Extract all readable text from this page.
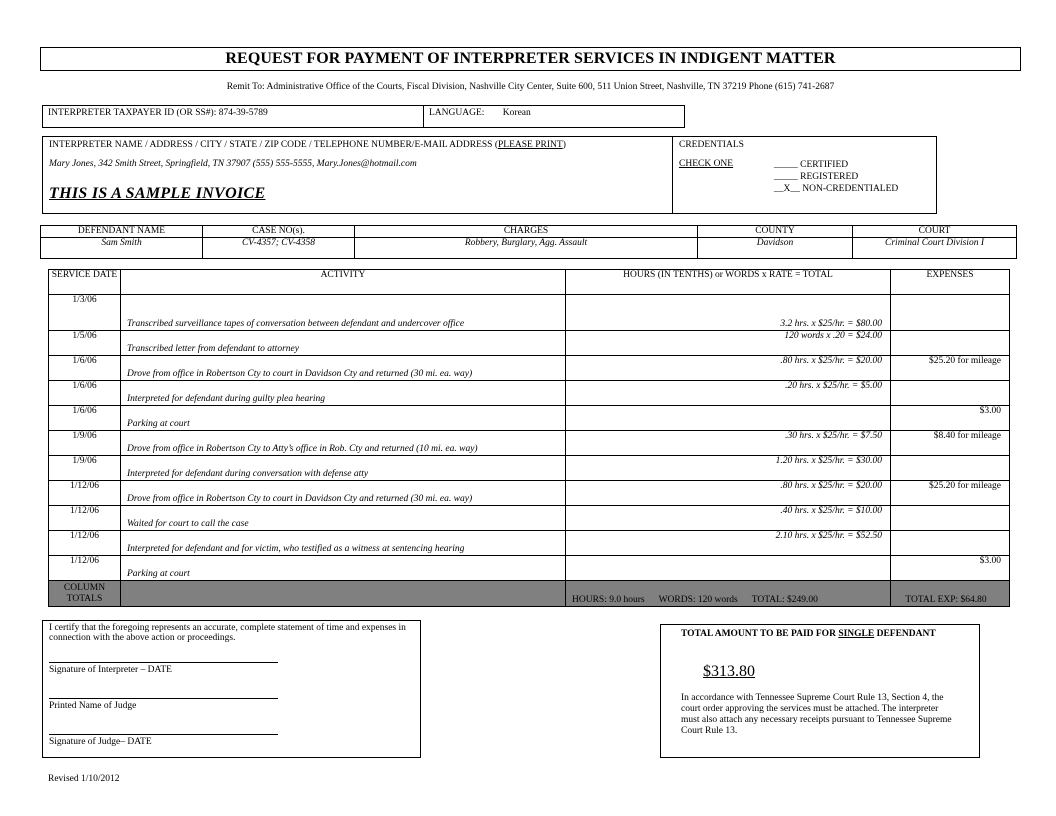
REQUEST FOR PAYMENT OF INTERPRETER SERVICES IN INDIGENT MATTER
Remit To: Administrative Office of the Courts, Fiscal Division, Nashville City Center, Suite 600, 511 Union Street, Nashville, TN 37219 Phone (615) 741-2687
INTERPRETER TAXPAYER ID (OR SS#): 874-39-5789	LANGUAGE: Korean
INTERPRETER NAME / ADDRESS / CITY / STATE / ZIP CODE / TELEPHONE NUMBER/E-MAIL ADDRESS (PLEASE PRINT)
Mary Jones, 342 Smith Street, Springfield, TN 37907 (555) 555-5555, Mary.Jones@hotmail.com
THIS IS A SAMPLE INVOICE
CREDENTIALS
CHECK ONE	_____ CERTIFIED
_____ REGISTERED
__X__ NON-CREDENTIALED
DEFENDANT NAME	CASE NO(s).	CHARGES	COUNTY	COURT
Sam Smith	CV-4357; CV-4358	Robbery, Burglary, Agg. Assault	Davidson	Criminal Court Division I
SERVICE DATE	ACTIVITY	HOURS (IN TENTHS) or WORDS x RATE = TOTAL	EXPENSES
1/3/06	Transcribed surveillance tapes of conversation between defendant and undercover office	3.2 hrs. x $25/hr. = $80.00	
1/5/06	Transcribed letter from defendant to attorney	120 words x .20 = $24.00	
1/6/06	Drove from office in Robertson Cty to court in Davidson Cty and returned (30 mi. ea. way)	.80 hrs. x $25/hr. = $20.00	$25.20 for mileage
1/6/06	Interpreted for defendant during guilty plea hearing	.20 hrs. x $25/hr. = $5.00	
1/6/06	Parking at court		$3.00
1/9/06	Drove from office in Robertson Cty to Atty’s office in Rob. Cty and returned (10 mi. ea. way)	.30 hrs. x $25/hr. = $7.50	$8.40 for mileage
1/9/06	Interpreted for defendant during conversation with defense atty	1.20 hrs. x $25/hr. = $30.00	
1/12/06	Drove from office in Robertson Cty to court in Davidson Cty and returned (30 mi. ea. way)	.80 hrs. x $25/hr. = $20.00	$25.20 for mileage
1/12/06	Waited for court to call the case	.40 hrs. x $25/hr. = $10.00	
1/12/06	Interpreted for defendant and for victim, who testified as a witness at sentencing hearing	2.10 hrs. x $25/hr. = $52.50	
1/12/06	Parking at court		$3.00
COLUMN TOTALS		HOURS: 9.0 hours WORDS: 120 words TOTAL: $249.00	TOTAL EXP: $64.80
I certify that the foregoing represents an accurate, complete statement of time and expenses in connection with the above action or proceedings.
Signature of Interpreter – DATE
Printed Name of Judge
Signature of Judge– DATE
TOTAL AMOUNT TO BE PAID FOR SINGLE DEFENDANT
$313.80
In accordance with Tennessee Supreme Court Rule 13, Section 4, the court order approving the services must be attached. The interpreter must also attach any necessary receipts pursuant to Tennessee Supreme Court Rule 13.
Revised 1/10/2012
